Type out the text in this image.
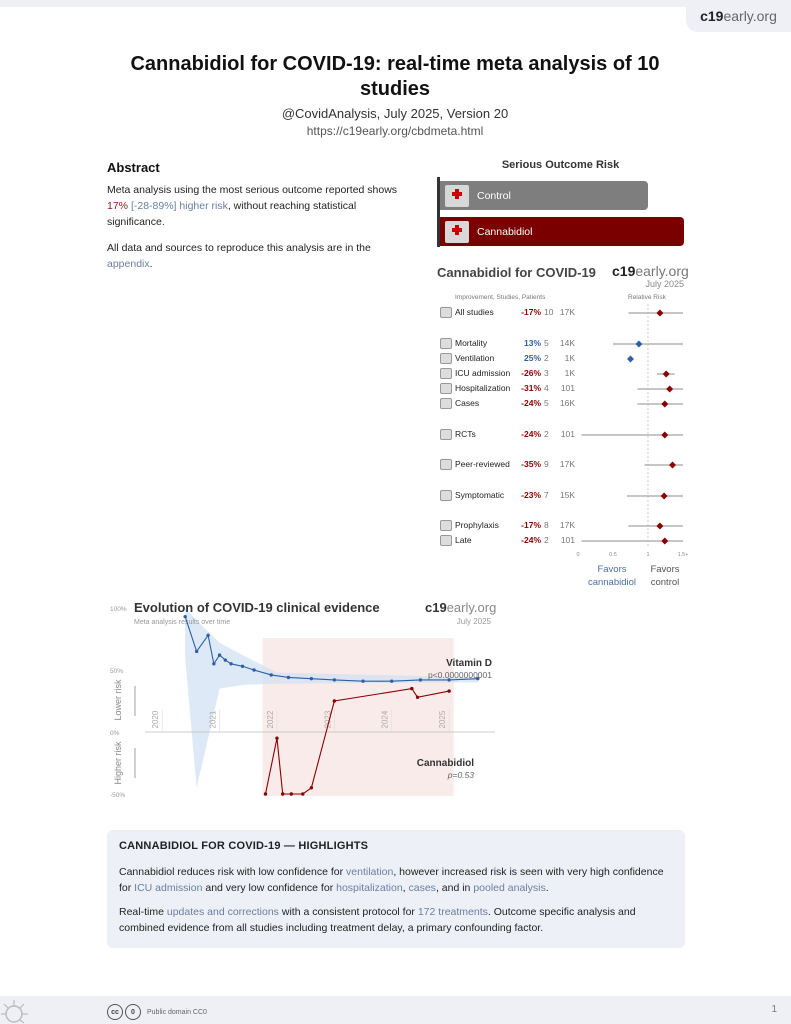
c19 early.org
Cannabidiol for COVID-19: real-time meta analysis of 10 studies
@CovidAnalysis, July 2025, Version 20
https://c19early.org/cbdmeta.html
Abstract
Meta analysis using the most serious outcome reported shows 17% [-28-89%] higher risk, without reaching statistical significance.
All data and sources to reproduce this analysis are in the appendix.
Serious Outcome Risk
Control
Cannabidiol
Cannabidiol for COVID-19 c19early.org
July 2025
Improvement, Studies, Patients	Relative Risk
All studies	-17% 10 17K
Mortality	13% 5	14K
Ventilation	25% 2	1K
ICU admission	-26% 3	1K
Hospitalization	-31% 4	101
Cases	-24% 5	16K
RCTs	-24% 2	101
Peer-reviewed	-35% 9	17K
Symptomatic	-23% 7	15K
Prophylaxis	-17% 8	17K
Late	-24% 2	101
0	0.5	1	1.5+
Favors
cannabidiol
Favors
control
Evolution of COVID-19 clinical evidence
Meta analysis results over time
c19early.org
July 2025
100%
50%
0%
-50%
Lower risk
Higher risk
2020	2021	2022	2023	2024	2025
Vitamin D
p<0.0000000001
Cannabidiol
p=0.53
CANNABIDIOL FOR COVID-19 — HIGHLIGHTS

Cannabidiol reduces risk with low confidence for ventilation, however increased risk is seen with very high confidence for ICU admission and very low confidence for hospitalization, cases, and in pooled analysis.

Real-time updates and corrections with a consistent protocol for 172 treatments. Outcome specific analysis and combined evidence from all studies including treatment delay, a primary confounding factor.

cc	0	Public domain CC0	1
